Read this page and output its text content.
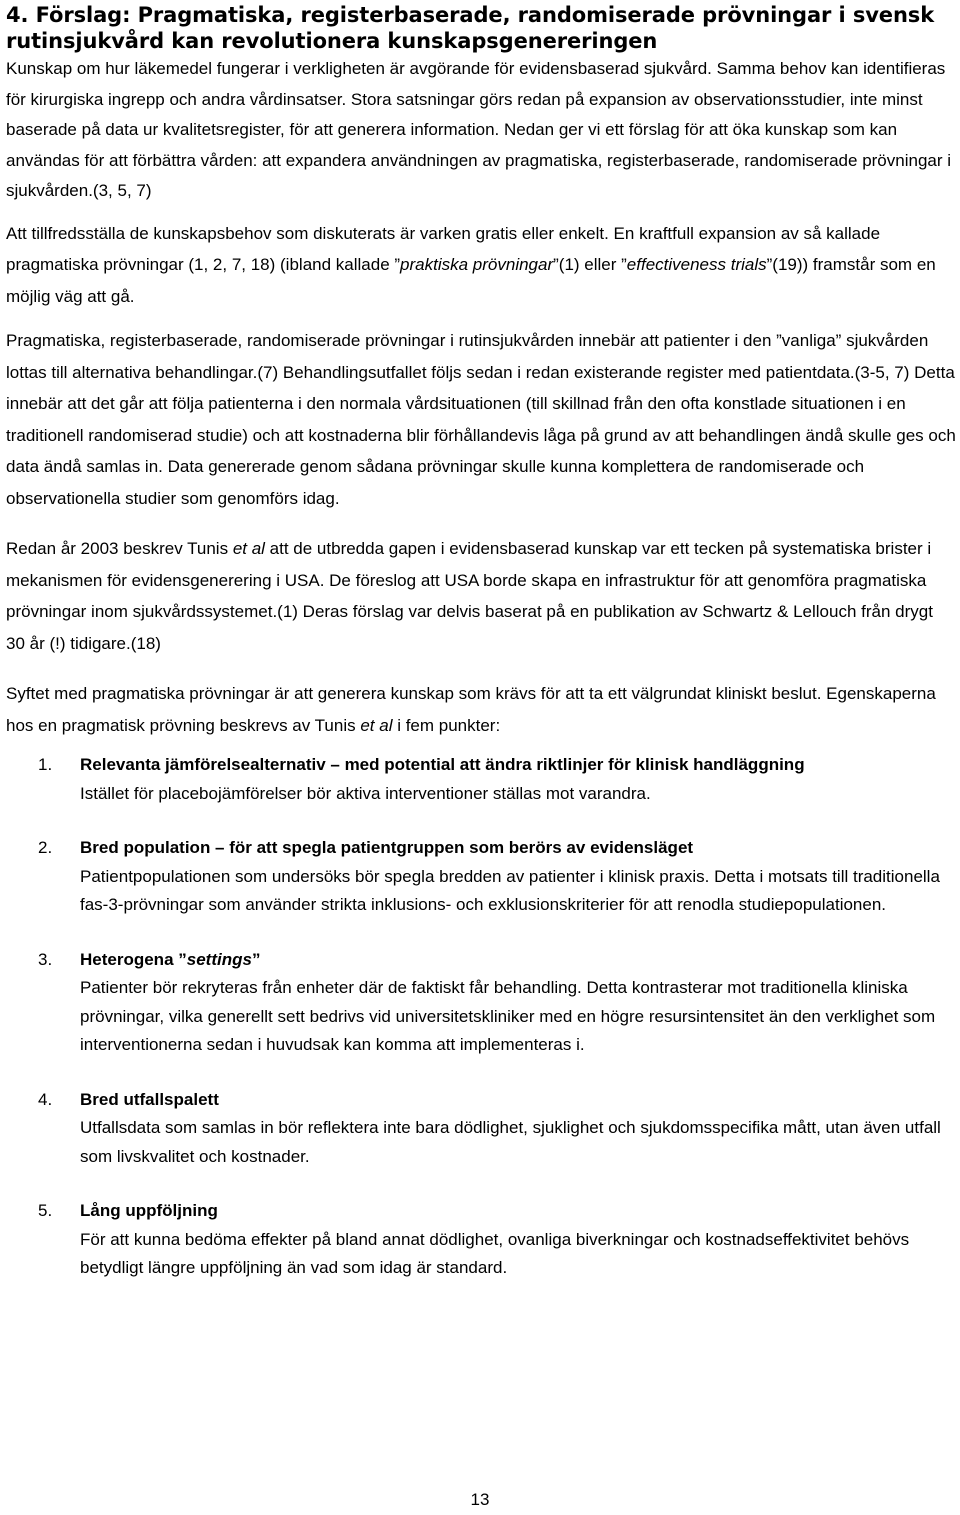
4. Förslag: Pragmatiska, registerbaserade, randomiserade prövningar i svensk rutinsjukvård kan revolutionera kunskapsgenereringen

Kunskap om hur läkemedel fungerar i verkligheten är avgörande för evidensbaserad sjukvård. Samma behov kan identifieras för kirurgiska ingrepp och andra vårdinsatser. Stora satsningar görs redan på expansion av observationsstudier, inte minst baserade på data ur kvalitetsregister, för att generera information. Nedan ger vi ett förslag för att öka kunskap som kan användas för att förbättra vården: att expandera användningen av pragmatiska, registerbaserade, randomiserade prövningar i sjukvården.(3, 5, 7)

Att tillfredsställa de kunskapsbehov som diskuterats är varken gratis eller enkelt. En kraftfull expansion av så kallade pragmatiska prövningar (1, 2, 7, 18) (ibland kallade ”praktiska prövningar”(1) eller ”effectiveness trials”(19)) framstår som en möjlig väg att gå.

Pragmatiska, registerbaserade, randomiserade prövningar i rutinsjukvården innebär att patienter i den ”vanliga” sjukvården lottas till alternativa behandlingar.(7) Behandlingsutfallet följs sedan i redan existerande register med patientdata.(3-5, 7) Detta innebär att det går att följa patienterna i den normala vårdsituationen (till skillnad från den ofta konstlade situationen i en traditionell randomiserad studie) och att kostnaderna blir förhållandevis låga på grund av att behandlingen ändå skulle ges och data ändå samlas in. Data genererade genom sådana prövningar skulle kunna komplettera de randomiserade och observationella studier som genomförs idag.

Redan år 2003 beskrev Tunis et al att de utbredda gapen i evidensbaserad kunskap var ett tecken på systematiska brister i mekanismen för evidensgenerering i USA. De föreslog att USA borde skapa en infrastruktur för att genomföra pragmatiska prövningar inom sjukvårdssystemet.(1) Deras förslag var delvis baserat på en publikation av Schwartz & Lellouch från drygt 30 år (!) tidigare.(18)

Syftet med pragmatiska prövningar är att generera kunskap som krävs för att ta ett välgrundat kliniskt beslut. Egenskaperna hos en pragmatisk prövning beskrevs av Tunis et al i fem punkter:

1. Relevanta jämförelsealternativ – med potential att ändra riktlinjer för klinisk handläggning
Istället för placebojämförelser bör aktiva interventioner ställas mot varandra.
2. Bred population – för att spegla patientgruppen som berörs av evidensläget
Patientpopulationen som undersöks bör spegla bredden av patienter i klinisk praxis. Detta i motsats till traditionella fas-3-prövningar som använder strikta inklusions- och exklusionskriterier för att renodla studiepopulationen.
3. Heterogena ”settings”
Patienter bör rekryteras från enheter där de faktiskt får behandling. Detta kontrasterar mot traditionella kliniska prövningar, vilka generellt sett bedrivs vid universitetskliniker med en högre resursintensitet än den verklighet som interventionerna sedan i huvudsak kan komma att implementeras i.
4. Bred utfallspalett
Utfallsdata som samlas in bör reflektera inte bara dödlighet, sjuklighet och sjukdomsspecifika mått, utan även utfall som livskvalitet och kostnader.
5. Lång uppföljning
För att kunna bedöma effekter på bland annat dödlighet, ovanliga biverkningar och kostnadseffektivitet behövs betydligt längre uppföljning än vad som idag är standard.
13
